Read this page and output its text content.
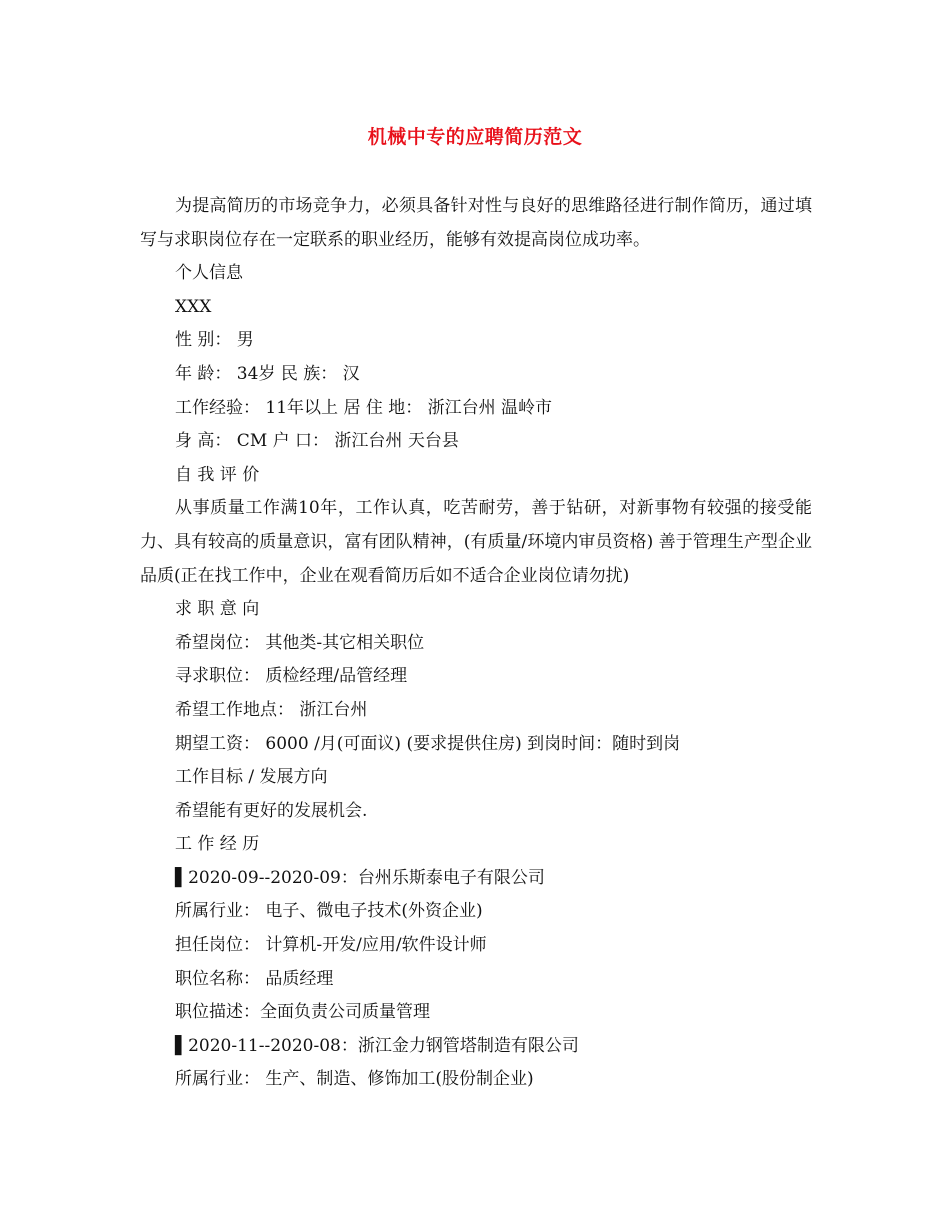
机械中专的应聘简历范文

为提高简历的市场竞争力，必须具备针对性与良好的思维路径进行制作简历，通过填写与求职岗位存在一定联系的职业经历，能够有效提高岗位成功率。

个人信息

XXX

性 别： 男

年 龄： 34岁 民 族： 汉

工作经验： 11年以上 居 住 地： 浙江台州 温岭市

身 高： CM 户 口： 浙江台州 天台县

自 我 评 价

从事质量工作满10年，工作认真，吃苦耐劳，善于钻研，对新事物有较强的接受能力、具有较高的质量意识，富有团队精神，(有质量/环境内审员资格) 善于管理生产型企业品质(正在找工作中，企业在观看简历后如不适合企业岗位请勿扰)

求 职 意 向

希望岗位： 其他类-其它相关职位

寻求职位： 质检经理/品管经理

希望工作地点： 浙江台州

期望工资： 6000 /月(可面议) (要求提供住房) 到岗时间：随时到岗

工作目标 / 发展方向

希望能有更好的发展机会.

工 作 经 历

▌2020-09--2020-09：台州乐斯泰电子有限公司

所属行业： 电子、微电子技术(外资企业)

担任岗位： 计算机-开发/应用/软件设计师

职位名称： 品质经理

职位描述：全面负责公司质量管理

▌2020-11--2020-08：浙江金力钢管塔制造有限公司

所属行业： 生产、制造、修饰加工(股份制企业)
